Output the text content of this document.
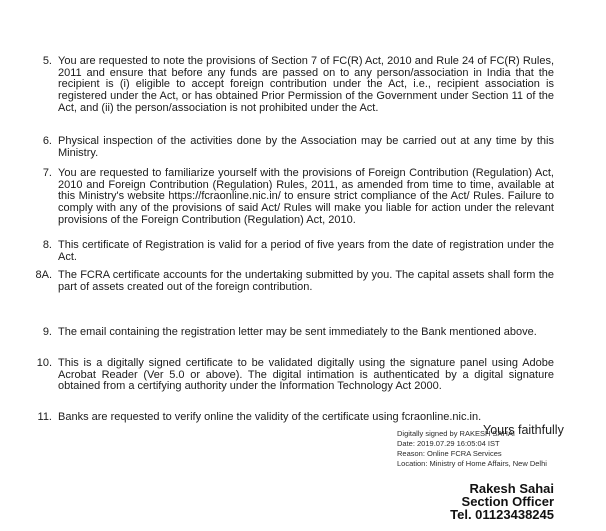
5. You are requested to note the provisions of Section 7 of FC(R) Act, 2010 and Rule 24 of FC(R) Rules, 2011 and ensure that before any funds are passed on to any person/association in India that the recipient is (i) eligible to accept foreign contribution under the Act, i.e., recipient association is registered under the Act, or has obtained Prior Permission of the Government under Section 11 of the Act, and (ii) the person/association is not prohibited under the Act.
6. Physical inspection of the activities done by the Association may be carried out at any time by this Ministry.
7. You are requested to familiarize yourself with the provisions of Foreign Contribution (Regulation) Act, 2010 and Foreign Contribution (Regulation) Rules, 2011, as amended from time to time, available at this Ministry's website https://fcraonline.nic.in/ to ensure strict compliance of the Act/ Rules. Failure to comply with any of the provisions of said Act/ Rules will make you liable for action under the relevant provisions of the Foreign Contribution (Regulation) Act, 2010.
8. This certificate of Registration is valid for a period of five years from the date of registration under the Act.
8A. The FCRA certificate accounts for the undertaking submitted by you. The capital assets shall form the part of assets created out of the foreign contribution.
9. The email containing the registration letter may be sent immediately to the Bank mentioned above.
10. This is a digitally signed certificate to be validated digitally using the signature panel using Adobe Acrobat Reader (Ver 5.0 or above). The digital intimation is authenticated by a digital signature obtained from a certifying authority under the Information Technology Act 2000.
11. Banks are requested to verify online the validity of the certificate using fcraonline.nic.in.
Digitally signed by RAKESH SAHAI
Date: 2019.07.29 16:05:04 IST
Reason: Online FCRA Services
Location: Ministry of Home Affairs, New Delhi
Yours faithfully
Rakesh Sahai
Section Officer
Tel. 01123438245
